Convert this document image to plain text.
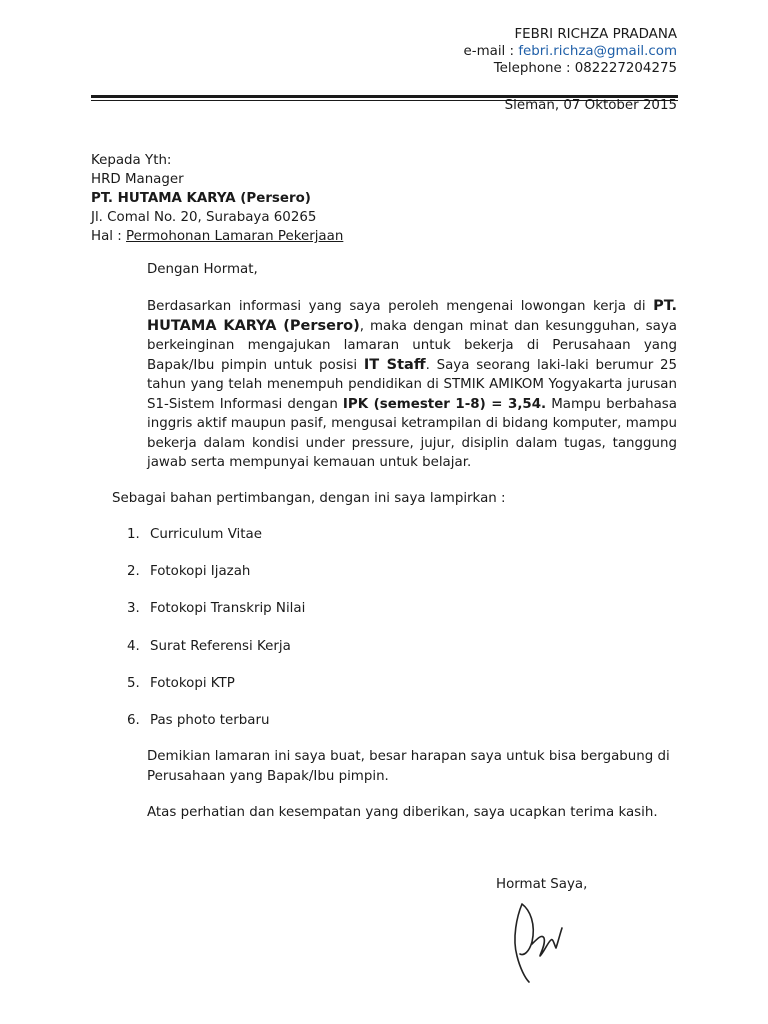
FEBRI RICHZA PRADANA
e-mail : febri.richza@gmail.com
Telephone : 082227204275
Sleman, 07 Oktober 2015
Kepada Yth:
HRD Manager
PT. HUTAMA KARYA (Persero)
Jl. Comal No. 20, Surabaya 60265
Hal : Permohonan Lamaran Pekerjaan
Dengan Hormat,
Berdasarkan informasi yang saya peroleh mengenai lowongan kerja di PT. HUTAMA KARYA (Persero), maka dengan minat dan kesungguhan, saya berkeinginan mengajukan lamaran untuk bekerja di Perusahaan yang Bapak/Ibu pimpin untuk posisi IT Staff. Saya seorang laki-laki berumur 25 tahun yang telah menempuh pendidikan di STMIK AMIKOM Yogyakarta jurusan S1-Sistem Informasi dengan IPK (semester 1-8) = 3,54. Mampu berbahasa inggris aktif maupun pasif, mengusai ketrampilan di bidang komputer, mampu bekerja dalam kondisi under pressure, jujur, disiplin dalam tugas, tanggung jawab serta mempunyai kemauan untuk belajar.
Sebagai bahan pertimbangan, dengan ini saya lampirkan :
1. Curriculum Vitae
2. Fotokopi Ijazah
3. Fotokopi Transkrip Nilai
4. Surat Referensi Kerja
5. Fotokopi KTP
6. Pas photo terbaru
Demikian lamaran ini saya buat, besar harapan saya untuk bisa bergabung di Perusahaan yang Bapak/Ibu pimpin.
Atas perhatian dan kesempatan yang diberikan, saya ucapkan terima kasih.
Hormat Saya,
